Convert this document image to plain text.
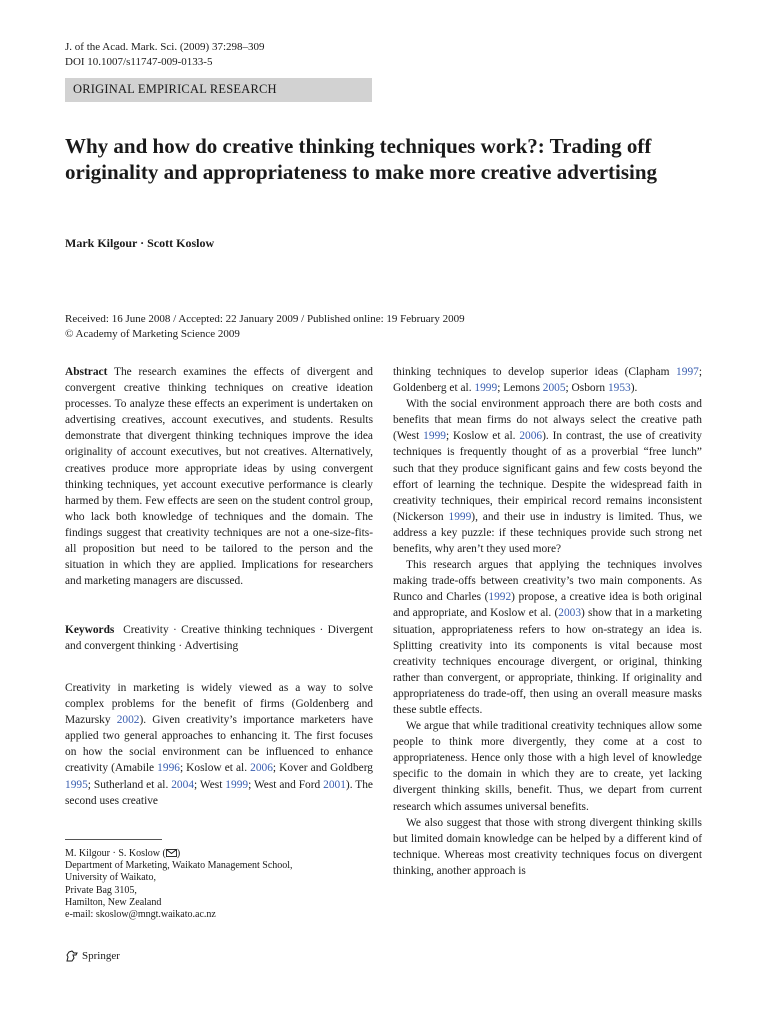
J. of the Acad. Mark. Sci. (2009) 37:298–309
DOI 10.1007/s11747-009-0133-5
ORIGINAL EMPIRICAL RESEARCH
Why and how do creative thinking techniques work?: Trading off originality and appropriateness to make more creative advertising
Mark Kilgour · Scott Koslow
Received: 16 June 2008 / Accepted: 22 January 2009 / Published online: 19 February 2009
© Academy of Marketing Science 2009

Abstract The research examines the effects of divergent and convergent creative thinking techniques on creative ideation processes. To analyze these effects an experiment is undertaken on advertising creatives, account executives, and students. Results demonstrate that divergent thinking techniques improve the idea originality of account executives, but not creatives. Alternatively, creatives produce more appropriate ideas by using convergent thinking techniques, yet account executive performance is clearly harmed by them. Few effects are seen on the student control group, who lack both knowledge of techniques and the domain. The findings suggest that creativity techniques are not a one-size-fits-all proposition but need to be tailored to the person and the situation in which they are applied. Implications for researchers and marketing managers are discussed.

Keywords Creativity · Creative thinking techniques · Divergent and convergent thinking · Advertising

Creativity in marketing is widely viewed as a way to solve complex problems for the benefit of firms (Goldenberg and Mazursky 2002). Given creativity’s importance marketers have applied two general approaches to enhancing it. The first focuses on how the social environment can be influenced to enhance creativity (Amabile 1996; Koslow et al. 2006; Kover and Goldberg 1995; Sutherland et al. 2004; West 1999; West and Ford 2001). The second uses creative

thinking techniques to develop superior ideas (Clapham 1997; Goldenberg et al. 1999; Lemons 2005; Osborn 1953).

With the social environment approach there are both costs and benefits that mean firms do not always select the creative path (West 1999; Koslow et al. 2006). In contrast, the use of creativity techniques is frequently thought of as a proverbial “free lunch” such that they produce significant gains and few costs beyond the effort of learning the technique. Despite the widespread faith in creativity techniques, their empirical record remains inconsistent (Nickerson 1999), and their use in industry is limited. Thus, we address a key puzzle: if these techniques provide such strong net benefits, why aren’t they used more?

This research argues that applying the techniques involves making trade-offs between creativity’s two main components. As Runco and Charles (1992) propose, a creative idea is both original and appropriate, and Koslow et al. (2003) show that in a marketing situation, appropriateness refers to how on-strategy an idea is. Splitting creativity into its components is vital because most creativity techniques encourage divergent, or original, thinking rather than convergent, or appropriate, thinking. If originality and appropriateness do trade-off, then using an overall measure masks these subtle effects.

We argue that while traditional creativity techniques allow some people to think more divergently, they come at a cost to appropriateness. Hence only those with a high level of knowledge specific to the domain in which they are to create, yet lacking divergent thinking skills, benefit. Thus, we depart from current research which assumes universal benefits.

We also suggest that those with strong divergent thinking skills but limited domain knowledge can be helped by a different kind of technique. Whereas most creativity techniques focus on divergent thinking, another approach is

M. Kilgour · S. Koslow ( )
Department of Marketing, Waikato Management School,
University of Waikato,
Private Bag 3105,
Hamilton, New Zealand
e-mail: skoslow@mngt.waikato.ac.nz
Springer
